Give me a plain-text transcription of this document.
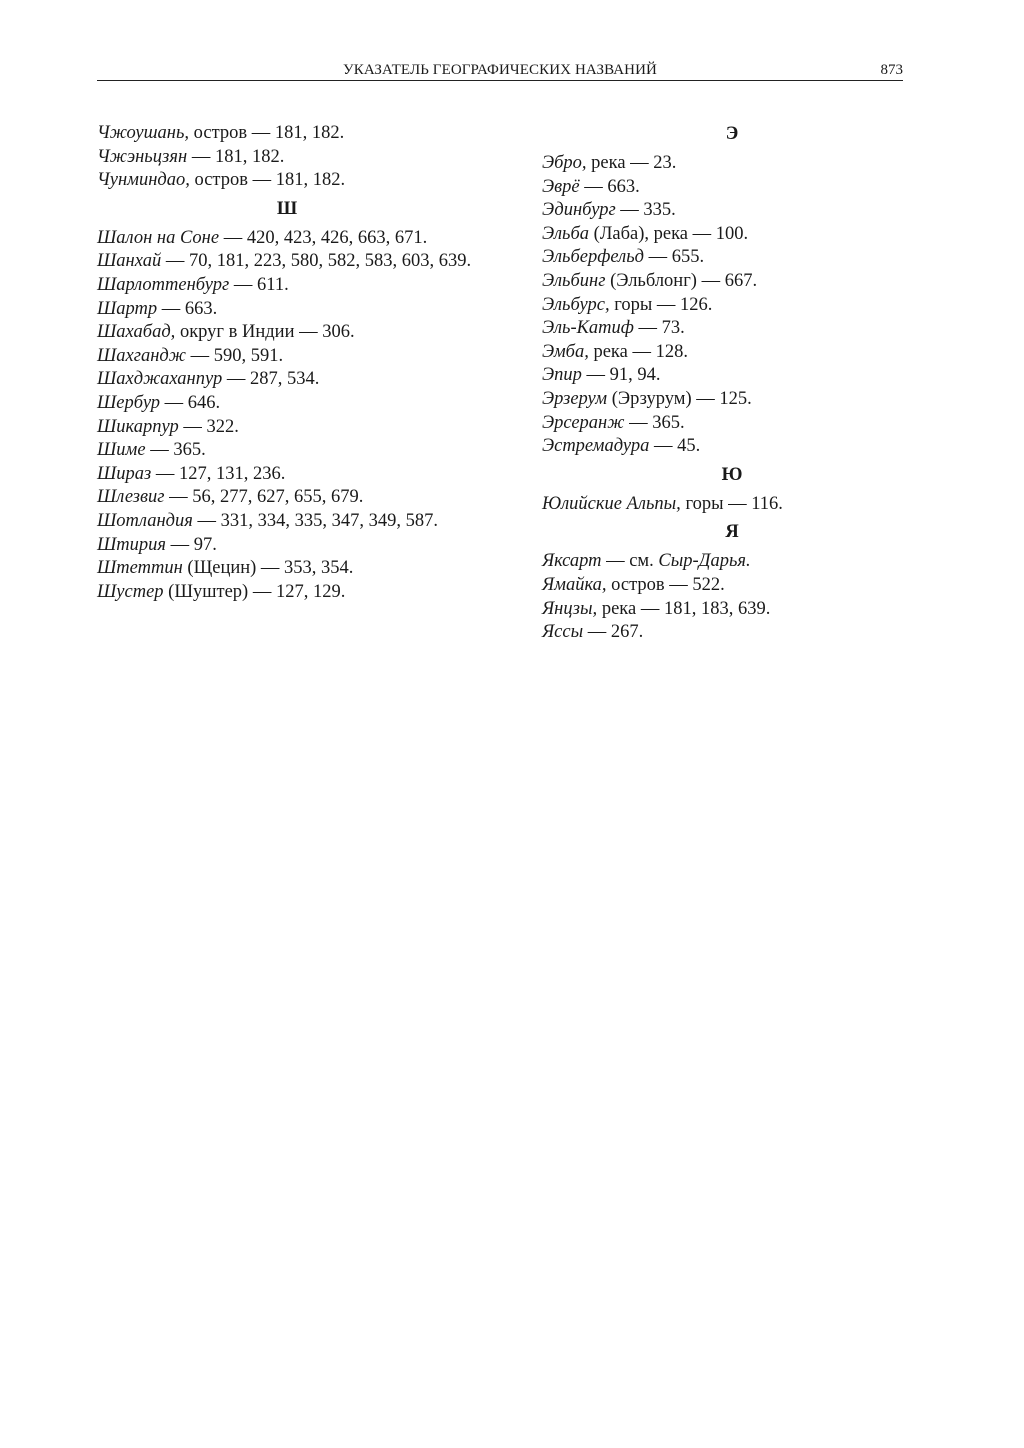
УКАЗАТЕЛЬ ГЕОГРАФИЧЕСКИХ НАЗВАНИЙ	873
Чжоушань, остров — 181, 182.
Чжэньцзян — 181, 182.
Чунминдао, остров — 181, 182.
Ш
Шалон на Соне — 420, 423, 426, 663, 671.
Шанхай — 70, 181, 223, 580, 582, 583, 603, 639.
Шарлоттенбург — 611.
Шартр — 663.
Шахабад, округ в Индии — 306.
Шахгандж — 590, 591.
Шахджаханпур — 287, 534.
Шербур — 646.
Шикарпур — 322.
Шиме — 365.
Шираз — 127, 131, 236.
Шлезвиг — 56, 277, 627, 655, 679.
Шотландия — 331, 334, 335, 347, 349, 587.
Штирия — 97.
Штеттин (Щецин) — 353, 354.
Шустер (Шуштер) — 127, 129.
Э
Эбро, река — 23.
Эврё — 663.
Эдинбург — 335.
Эльба (Лаба), река — 100.
Эльберфельд — 655.
Эльбинг (Эльблонг) — 667.
Эльбурс, горы — 126.
Эль-Катиф — 73.
Эмба, река — 128.
Эпир — 91, 94.
Эрзерум (Эрзурум) — 125.
Эрсеранж — 365.
Эстремадура — 45.
Ю
Юлийские Альпы, горы — 116.
Я
Яксарт — см. Сыр-Дарья.
Ямайка, остров — 522.
Янцзы, река — 181, 183, 639.
Яссы — 267.
